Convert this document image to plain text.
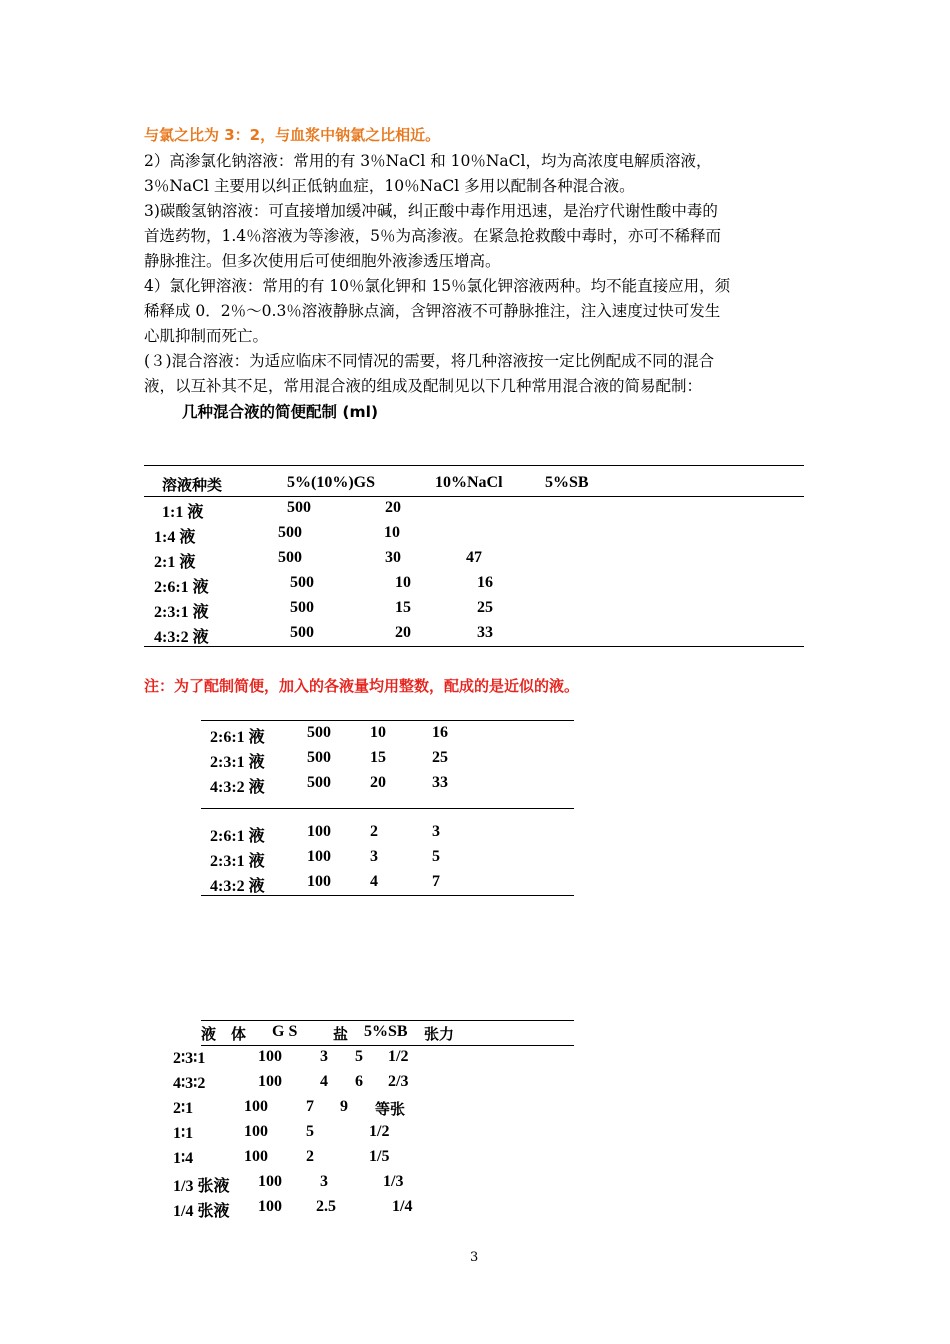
与氯之比为 3：2，与血浆中钠氯之比相近。
2）高渗氯化钠溶液：常用的有 3％NaCl 和 10％NaCl，均为高浓度电解质溶液，
3％NaCl 主要用以纠正低钠血症，10％NaCl 多用以配制各种混合液。
3)碳酸氢钠溶液：可直接增加缓冲碱，纠正酸中毒作用迅速，是治疗代谢性酸中毒的
首选药物，1.4％溶液为等渗液，5％为高渗液。在紧急抢救酸中毒时，亦可不稀释而
静脉推注。但多次使用后可使细胞外液渗透压增高。
4）氯化钾溶液：常用的有 10％氯化钾和 15％氯化钾溶液两种。均不能直接应用，须
稀释成 0．2％～0.3％溶液静脉点滴，含钾溶液不可静脉推注，注入速度过快可发生
心肌抑制而死亡。
(３)混合溶液：为适应临床不同情况的需要，将几种溶液按一定比例配成不同的混合
液，以互补其不足，常用混合液的组成及配制见以下几种常用混合液的简易配制：
几种混合液的简便配制 (ml)
溶液种类	5%(10%)GS	10%NaCl	5%SB
1:1 液	500	20
1:4 液	500	10
2:1 液	500	30	47
2:6:1 液	500	10	16
2:3:1 液	500	15	25
4:3:2 液	500	20	33
注：为了配制简便，加入的各液量均用整数，配成的是近似的液。
2:6:1 液	500 10	16
2:3:1 液	500 15	25
4:3:2 液	500 20	33
2:6:1 液	100 2	3
2:3:1 液	100 3	5
4:3:2 液	100 4	7
液　体 G S 盐 5%SB 张力
2∶3∶1	100 3 5 1/2
4∶3∶2	100 4 6 2/3
2∶1	100 7 9 等张
1∶1	100 5	1/2
1∶4	100 2	1/5
1/3 张液 100 3	1/3
1/4 张液 100 2.5	1/4
3
